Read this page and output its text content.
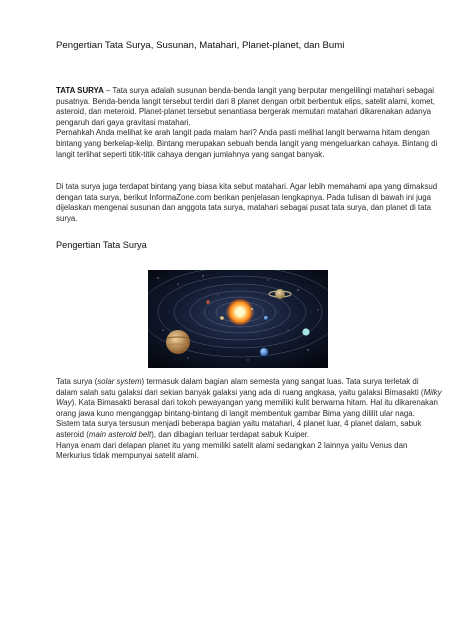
Pengertian Tata Surya, Susunan, Matahari, Planet-planet, dan Bumi

TATA SURYA – Tata surya adalah susunan benda-benda langit yang berputar mengelilingi matahari sebagai pusatnya. Benda-benda langit tersebut terdiri dari 8 planet dengan orbit berbentuk elips, satelit alami, komet, asteroid, dan meteroid. Planet-planet tersebut senantiasa bergerak memutari matahari dikarenakan adanya pengaruh dari gaya gravitasi matahari.

Pernahkah Anda melihat ke arah langit pada malam hari? Anda pasti melihat langit berwarna hitam dengan bintang yang berkelap-kelip. Bintang merupakan sebuah benda langit yang mengeluarkan cahaya. Bintang di langit terlihat seperti titik-titik cahaya dengan jumlahnya yang sangat banyak.

Di tata surya juga terdapat bintang yang biasa kita sebut matahari. Agar lebih memahami apa yang dimaksud dengan tata surya, berikut InformaZone.com berikan penjelasan lengkapnya. Pada tulisan di bawah ini juga dijelaskan mengenai susunan dan anggota tata surya, matahari sebagai pusat tata surya, dan planet di tata surya.
Pengertian Tata Surya

Tata surya (solar system) termasuk dalam bagian alam semesta yang sangat luas. Tata surya terletak di dalam salah satu galaksi dari sekian banyak galaksi yang ada di ruang angkasa, yaitu galaksi Bimasakti (Milky Way). Kata Bimasakti berasal dari tokoh pewayangan yang memiliki kulit berwarna hitam. Hal itu dikarenakan orang jawa kuno menganggap bintang-bintang di langit membentuk gambar Bima yang dililit ular naga.

Sistem tata surya tersusun menjadi beberapa bagian yaitu matahari, 4 planet luar, 4 planet dalam, sabuk asteroid (main asteroid belt), dan dibagian terluar terdapat sabuk Kuiper.

Hanya enam dari delapan planet itu yang memiliki satelit alami sedangkan 2 lainnya yaitu Venus dan Merkurius tidak mempunyai satelit alami.
